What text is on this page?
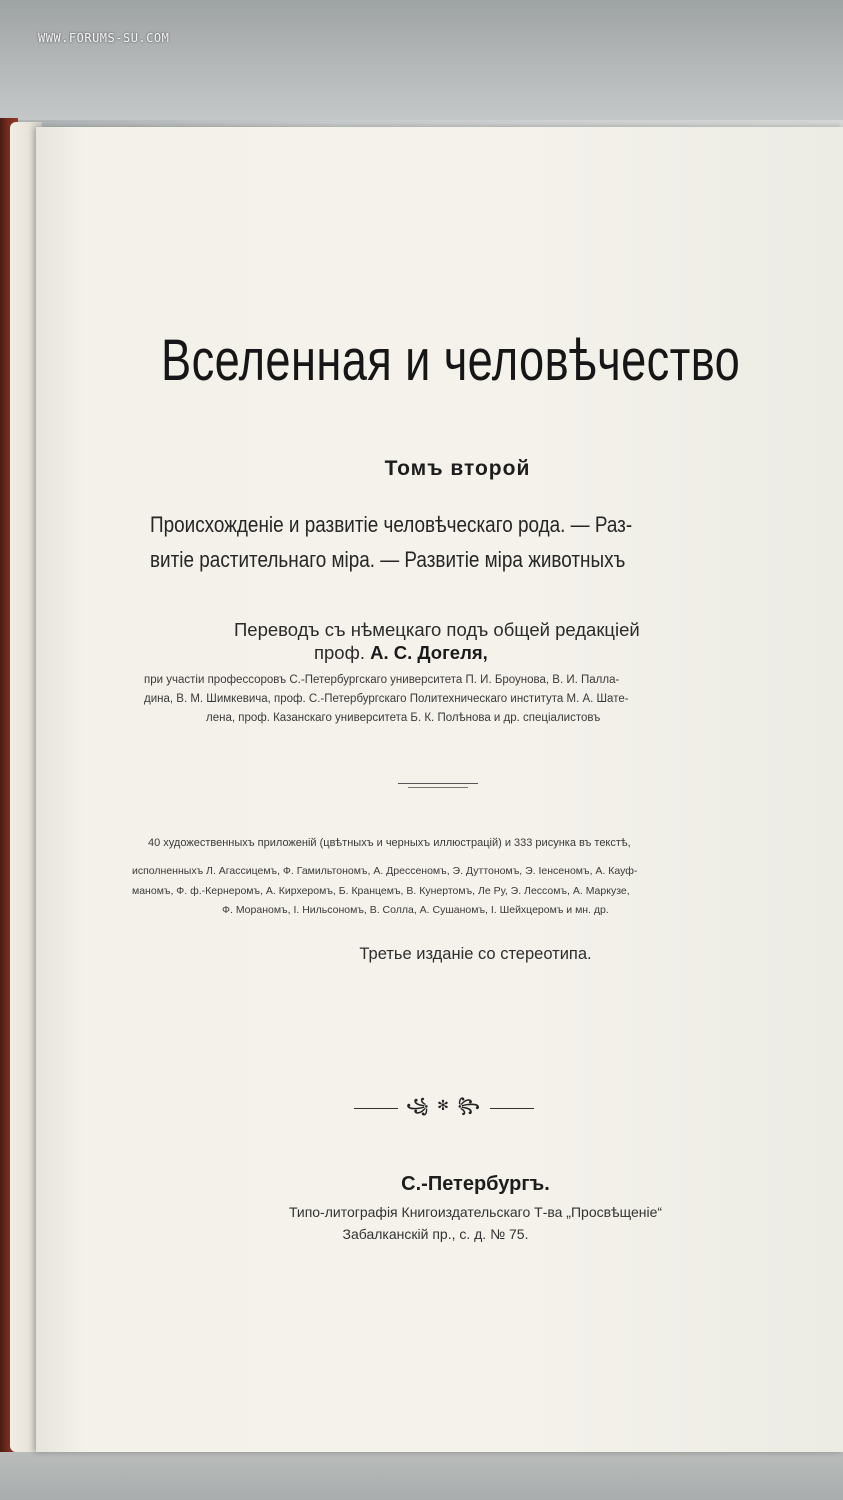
WWW.FORUMS-SU.COM
Вселенная и человѣчество
Томъ второй
Происхожденіе и развитіе человѣческаго рода. — Раз-
витіе растительнаго міра. — Развитіе міра животныхъ
Переводъ съ нѣмецкаго подъ общей редакціей
проф. А. С. Догеля,
при участіи профессоровъ С.-Петербургскаго университета П. И. Броунова, В. И. Палла-
дина, В. М. Шимкевича, проф. С.-Петербургскаго Политехническаго института М. А. Шате-
лена, проф. Казанскаго университета Б. К. Полѣнова и др. спеціалистовъ
40 художественныхъ приложеній (цвѣтныхъ и черныхъ иллюстрацій) и 333 рисунка въ текстѣ,
исполненныхъ Л. Агассицемъ, Ф. Гамильтономъ, А. Дрессеномъ, Э. Дуттономъ, Э. Іенсеномъ, А. Кауф-
маномъ, Ф. ф.-Кернеромъ, А. Кирхеромъ, Б. Кранцемъ, В. Кунертомъ, Ле Ру, Э. Лессомъ, А. Маркузе,
Ф. Мораномъ, І. Нильсономъ, В. Солла, А. Сушаномъ, І. Шейхцеромъ и мн. др.
Третье изданіе со стереотипа.
꧁ ✻ ꧂
С.-Петербургъ.
Типо-литографія Книгоиздательскаго Т-ва „Просвѣщеніе“
Забалканскій пр., с. д. № 75.
